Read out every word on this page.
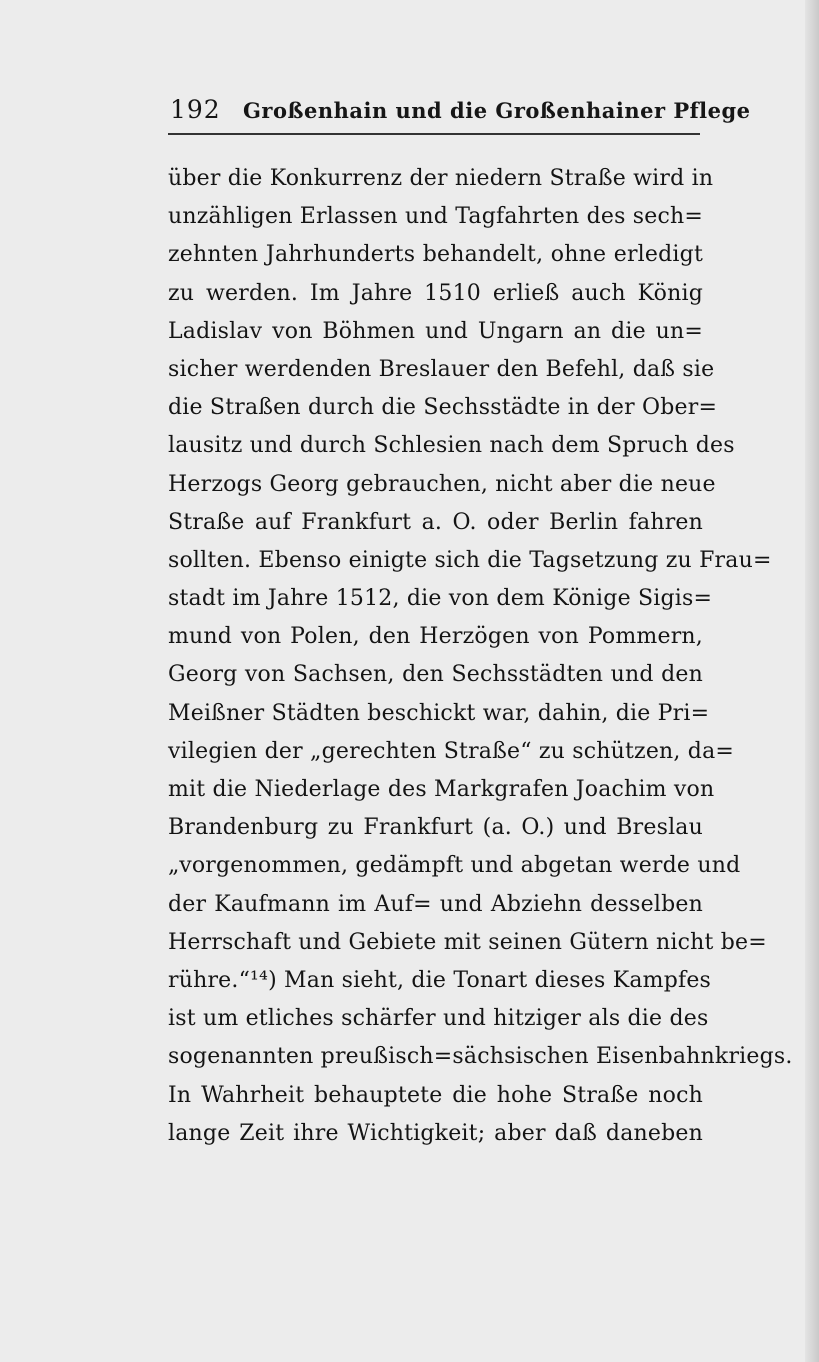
192 Großenhain und die Großenhainer Pflege
über die Konkurrenz der niedern Straße wird in
unzähligen Erlassen und Tagfahrten des sech=
zehnten Jahrhunderts behandelt, ohne erledigt
zu werden. Im Jahre 1510 erließ auch König
Ladislav von Böhmen und Ungarn an die un=
sicher werdenden Breslauer den Befehl, daß sie
die Straßen durch die Sechsstädte in der Ober=
lausitz und durch Schlesien nach dem Spruch des
Herzogs Georg gebrauchen, nicht aber die neue
Straße auf Frankfurt a. O. oder Berlin fahren
sollten. Ebenso einigte sich die Tagsetzung zu Frau=
stadt im Jahre 1512, die von dem Könige Sigis=
mund von Polen, den Herzögen von Pommern,
Georg von Sachsen, den Sechsstädten und den
Meißner Städten beschickt war, dahin, die Pri=
vilegien der „gerechten Straße“ zu schützen, da=
mit die Niederlage des Markgrafen Joachim von
Brandenburg zu Frankfurt (a. O.) und Breslau
„vorgenommen, gedämpft und abgetan werde und
der Kaufmann im Auf= und Abziehn desselben
Herrschaft und Gebiete mit seinen Gütern nicht be=
rühre.“¹⁴) Man sieht, die Tonart dieses Kampfes
ist um etliches schärfer und hitziger als die des
sogenannten preußisch=sächsischen Eisenbahnkriegs.
In Wahrheit behauptete die hohe Straße noch
lange Zeit ihre Wichtigkeit; aber daß daneben
